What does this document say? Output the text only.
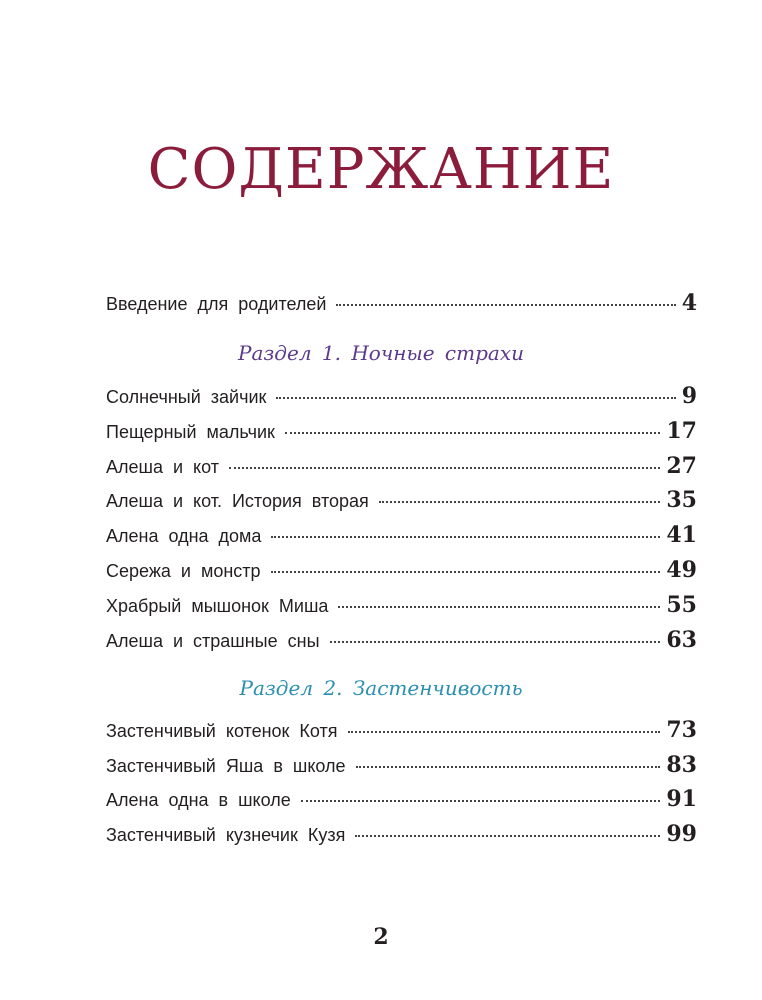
СОДЕРЖАНИЕ
Введение для родителей	4
Солнечный зайчик	9
Пещерный мальчик	17
Алеша и кот	27
Алеша и кот. История вторая	35
Алена одна дома	41
Сережа и монстр	49
Храбрый мышонок Миша	55
Алеша и страшные сны	63
Застенчивый котенок Котя	73
Застенчивый Яша в школе	83
Алена одна в школе	91
Застенчивый кузнечик Кузя	99
Раздел 1. Ночные страхи
Раздел 2. Застенчивость
2
